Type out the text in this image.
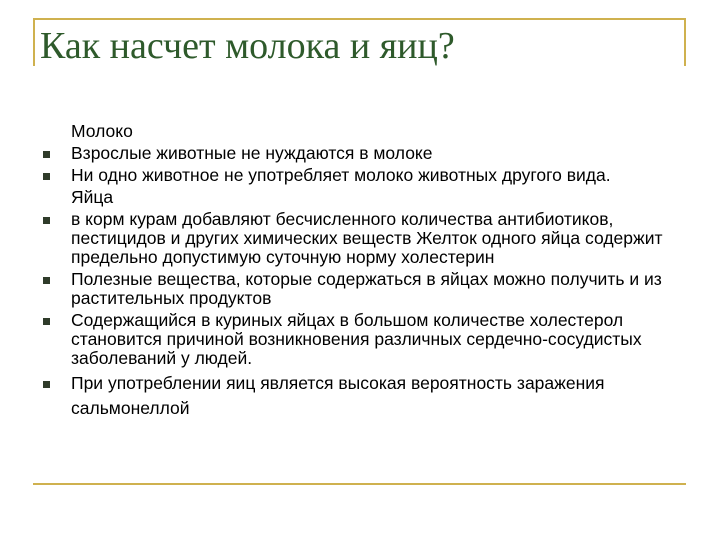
Как насчет молока и яиц?
Молоко
Взрослые животные не нуждаются в молоке
Ни одно животное не употребляет молоко животных другого вида.
Яйца
в корм курам добавляют бесчисленного количества антибиотиков, пестицидов и других химических веществ Желток одного яйца содержит предельно допустимую суточную норму холестерин
Полезные вещества, которые содержаться в яйцах можно получить и из растительных продуктов
Содержащийся в куриных яйцах в большом количестве холестерол становится причиной возникновения различных сердечно-сосудистых заболеваний у людей.
При употреблении яиц является высокая вероятность заражения сальмонеллой
